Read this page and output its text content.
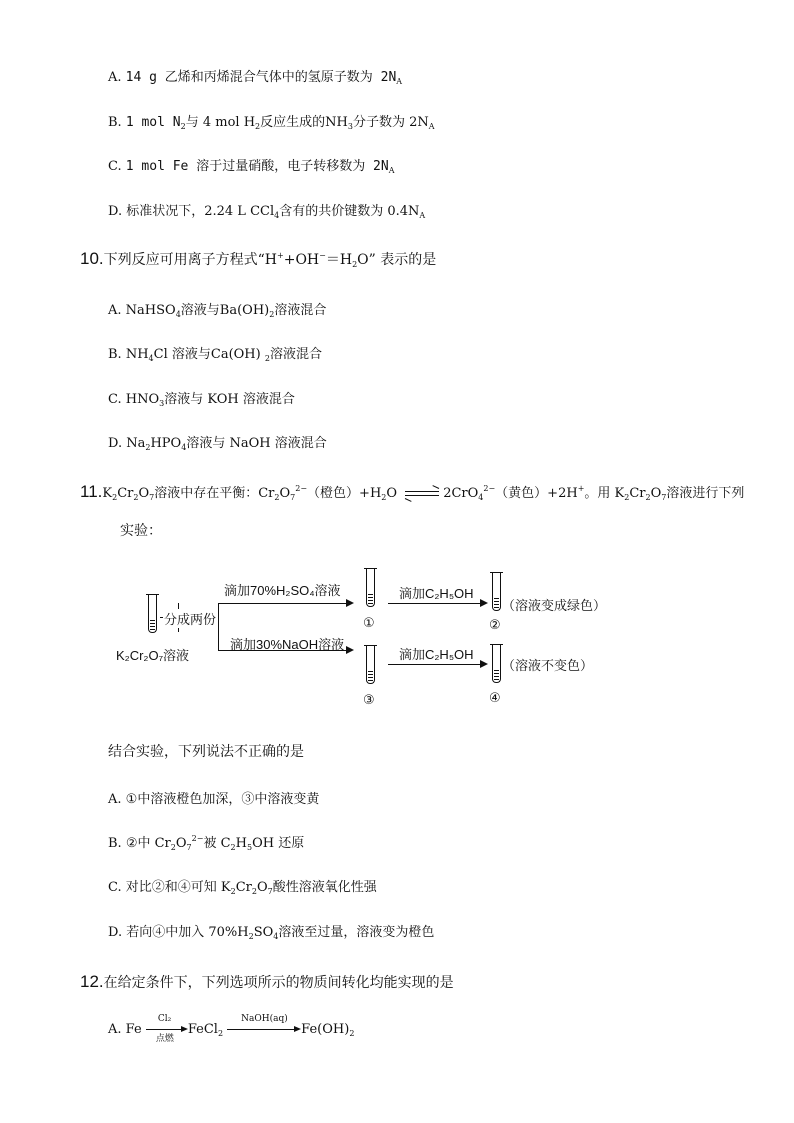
A. 14 g 乙烯和丙烯混合气体中的氢原子数为 $2N_A$
B. 1 mol $N_2$与 4 mol $H_2$反应生成的$NH_3$分子数为 $2N_A$
C. 1 mol Fe 溶于过量硝酸，电子转移数为 $2N_A$
D. 标准状况下，2.24 L CCl$_4$含有的共价键数为 $0.4N_A$
10.下列反应可用离子方程式“$H^++OH^-=H_2O$” 表示的是
A. NaHSO$_4$溶液与$Ba(OH)_2$溶液混合
B. $NH_4Cl$ 溶液与Ca(OH) $_2$溶液混合
C. $HNO_3$溶液与 KOH 溶液混合
D. $Na_2HPO_4$溶液与 NaOH 溶液混合
$11.K_2Cr_2O_7$溶液中存在平衡：$Cr_2O_7^{2-}$（橙色）$+H_2O$ ⇌ 2CrO$_4^{2-}$（黄色）+2H+。用 $K_2Cr_2O_7$溶液进行下列
实验：
K₂Cr₂O₇溶液
分成两份
滴加70%H₂SO₄溶液
滴加30%NaOH溶液
①
③
滴加C₂H₅OH
滴加C₂H₅OH
②
（溶液变成绿色）
④
（溶液不变色）
结合实验，下列说法不正确的是
A. ①中溶液橙色加深，③中溶液变黄
B. ②中 $Cr_2O_7^{2-}$被 $C_2H_5OH$ 还原
C. 对比②和④可知 $K_2Cr_2O_7$酸性溶液氧化性强
D. 若向④中加入 $70\%H_2SO_4$溶液至过量，溶液变为橙色
12.在给定条件下，下列选项所示的物质间转化均能实现的是
A. Fe
Cl₂
点燃
FeCl$_2$
NaOH(aq)
$Fe(OH)_2$
